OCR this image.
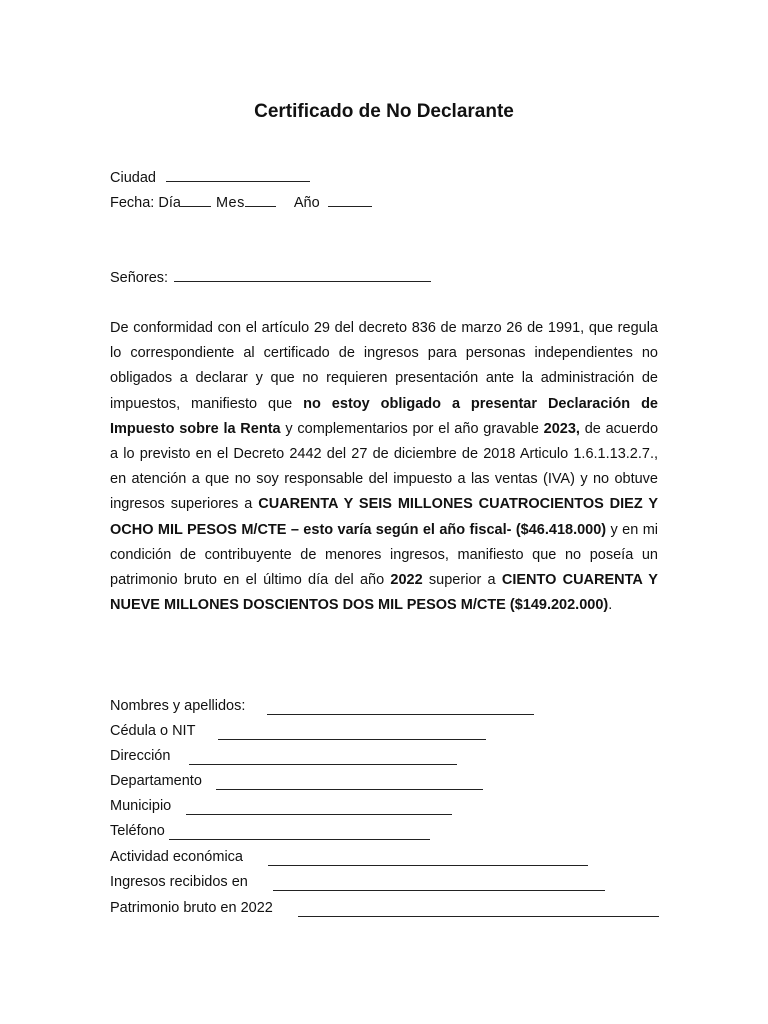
Certificado de No Declarante
Ciudad
Fecha: Día Mes	Año
Señores:
De conformidad con el artículo 29 del decreto 836 de marzo 26 de 1991, que regula lo correspondiente al certificado de ingresos para personas independientes no obligados a declarar y que no requieren presentación ante la administración de impuestos, manifiesto que no estoy obligado a presentar Declaración de Impuesto sobre la Renta y complementarios por el año gravable 2023, de acuerdo a lo previsto en el Decreto 2442 del 27 de diciembre de 2018 Articulo 1.6.1.13.2.7., en atención a que no soy responsable del impuesto a las ventas (IVA) y no obtuve ingresos superiores a CUARENTA Y SEIS MILLONES CUATROCIENTOS DIEZ Y OCHO MIL PESOS M/CTE – esto varía según el año fiscal- ($46.418.000) y en mi condición de contribuyente de menores ingresos, manifiesto que no poseía un patrimonio bruto en el último día del año 2022 superior a CIENTO CUARENTA Y NUEVE MILLONES DOSCIENTOS DOS MIL PESOS M/CTE ($149.202.000).
Nombres y apellidos:
Cédula o NIT
Dirección
Departamento
Municipio
Teléfono
Actividad económica
Ingresos recibidos en
Patrimonio bruto en 2022
